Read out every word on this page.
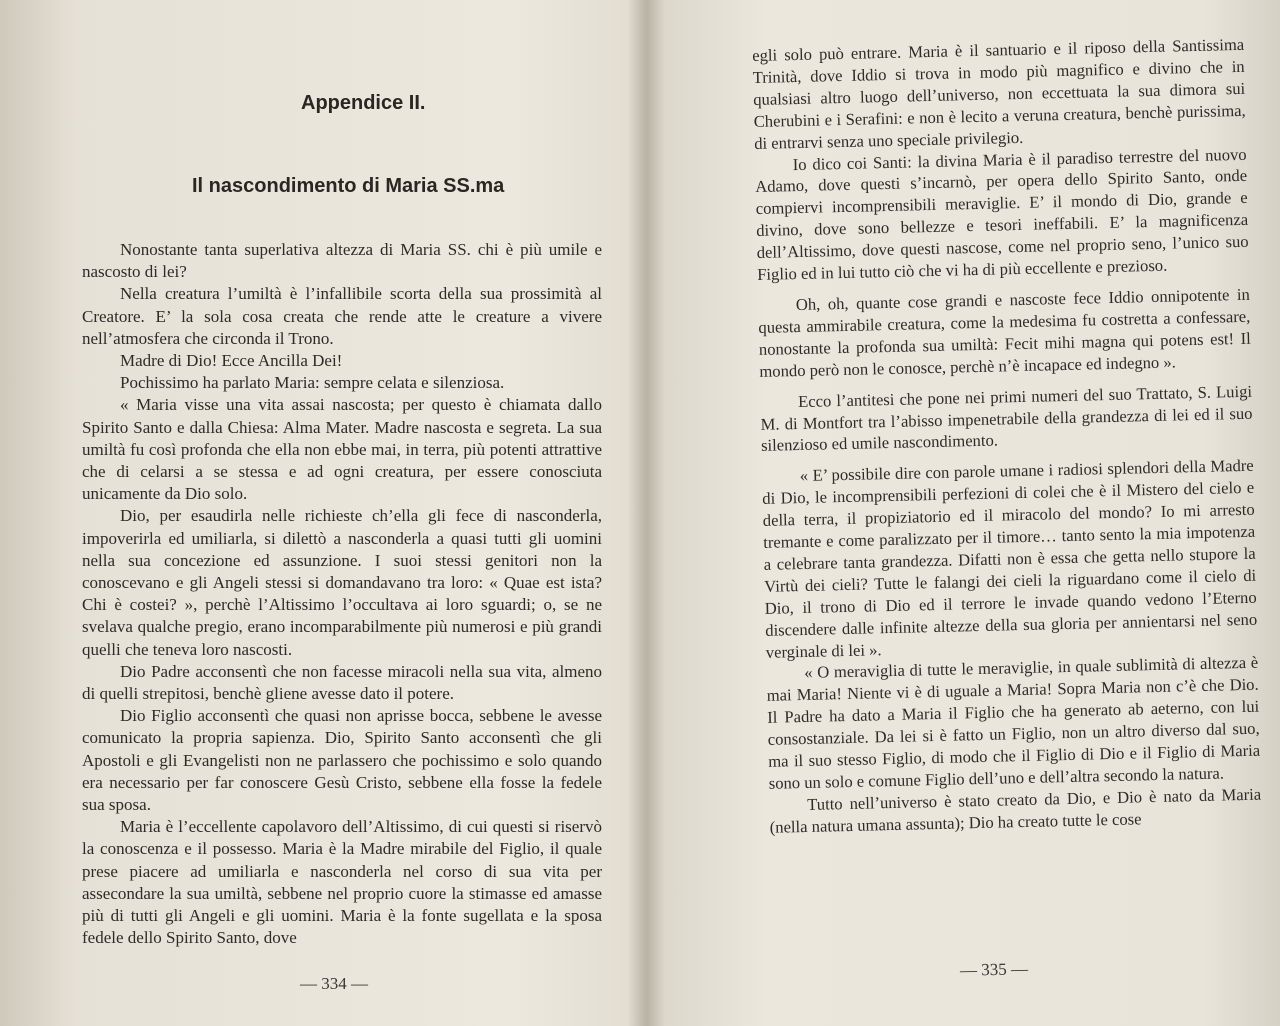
Appendice II.
Il nascondimento di Maria SS.ma

Nonostante tanta superlativa altezza di Maria SS. chi è più umile e nascosto di lei?

Nella creatura l’umiltà è l’infallibile scorta della sua prossimità al Creatore. E’ la sola cosa creata che rende atte le creature a vivere nell’atmosfera che circonda il Trono.

Madre di Dio! Ecce Ancilla Dei!

Pochissimo ha parlato Maria: sempre celata e silenziosa.

« Maria visse una vita assai nascosta; per questo è chiamata dallo Spirito Santo e dalla Chiesa: Alma Mater. Madre nascosta e segreta. La sua umiltà fu così profonda che ella non ebbe mai, in terra, più potenti attrattive che di celarsi a se stessa e ad ogni creatura, per essere conosciuta unicamente da Dio solo.

Dio, per esaudirla nelle richieste ch’ella gli fece di nasconderla, impoverirla ed umiliarla, si dilettò a nasconderla a quasi tutti gli uomini nella sua concezione ed assunzione. I suoi stessi genitori non la conoscevano e gli Angeli stessi si domandavano tra loro: « Quae est ista? Chi è costei? », perchè l’Altissimo l’occultava ai loro sguardi; o, se ne svelava qualche pregio, erano incomparabilmente più numerosi e più grandi quelli che teneva loro nascosti.

Dio Padre acconsentì che non facesse miracoli nella sua vita, almeno di quelli strepitosi, benchè gliene avesse dato il potere.

Dio Figlio acconsentì che quasi non aprisse bocca, sebbene le avesse comunicato la propria sapienza. Dio, Spirito Santo acconsentì che gli Apostoli e gli Evangelisti non ne parlassero che pochissimo e solo quando era necessario per far conoscere Gesù Cristo, sebbene ella fosse la fedele sua sposa.

Maria è l’eccellente capolavoro dell’Altissimo, di cui questi si riservò la conoscenza e il possesso. Maria è la Madre mirabile del Figlio, il quale prese piacere ad umiliarla e nasconderla nel corso di sua vita per assecondare la sua umiltà, sebbene nel proprio cuore la stimasse ed amasse più di tutti gli Angeli e gli uomini. Maria è la fonte sugellata e la sposa fedele dello Spirito Santo, dove

— 334 —

egli solo può entrare. Maria è il santuario e il riposo della Santissima Trinità, dove Iddio si trova in modo più magnifico e divino che in qualsiasi altro luogo dell’universo, non eccettuata la sua dimora sui Cherubini e i Serafini: e non è lecito a veruna creatura, benchè purissima, di entrarvi senza uno speciale privilegio.

Io dico coi Santi: la divina Maria è il paradiso terrestre del nuovo Adamo, dove questi s’incarnò, per opera dello Spirito Santo, onde compiervi incomprensibili meraviglie. E’ il mondo di Dio, grande e divino, dove sono bellezze e tesori ineffabili. E’ la magnificenza dell’Altissimo, dove questi nascose, come nel proprio seno, l’unico suo Figlio ed in lui tutto ciò che vi ha di più eccellente e prezioso.

Oh, oh, quante cose grandi e nascoste fece Iddio onnipotente in questa ammirabile creatura, come la medesima fu costretta a confessare, nonostante la profonda sua umiltà: Fecit mihi magna qui potens est! Il mondo però non le conosce, perchè n’è incapace ed indegno ».

Ecco l’antitesi che pone nei primi numeri del suo Trattato, S. Luigi M. di Montfort tra l’abisso impenetrabile della grandezza di lei ed il suo silenzioso ed umile nascondimento.

« E’ possibile dire con parole umane i radiosi splendori della Madre di Dio, le incomprensibili perfezioni di colei che è il Mistero del cielo e della terra, il propiziatorio ed il miracolo del mondo? Io mi arresto tremante e come paralizzato per il timore… tanto sento la mia impotenza a celebrare tanta grandezza. Difatti non è essa che getta nello stupore la Virtù dei cieli? Tutte le falangi dei cieli la riguardano come il cielo di Dio, il trono di Dio ed il terrore le invade quando vedono l’Eterno discendere dalle infinite altezze della sua gloria per annientarsi nel seno verginale di lei ».

« O meraviglia di tutte le meraviglie, in quale sublimità di altezza è mai Maria! Niente vi è di uguale a Maria! Sopra Maria non c’è che Dio. Il Padre ha dato a Maria il Figlio che ha generato ab aeterno, con lui consostanziale. Da lei si è fatto un Figlio, non un altro diverso dal suo, ma il suo stesso Figlio, di modo che il Figlio di Dio e il Figlio di Maria sono un solo e comune Figlio dell’uno e dell’altra secondo la natura.

Tutto nell’universo è stato creato da Dio, e Dio è nato da Maria (nella natura umana assunta); Dio ha creato tutte le cose

— 335 —
